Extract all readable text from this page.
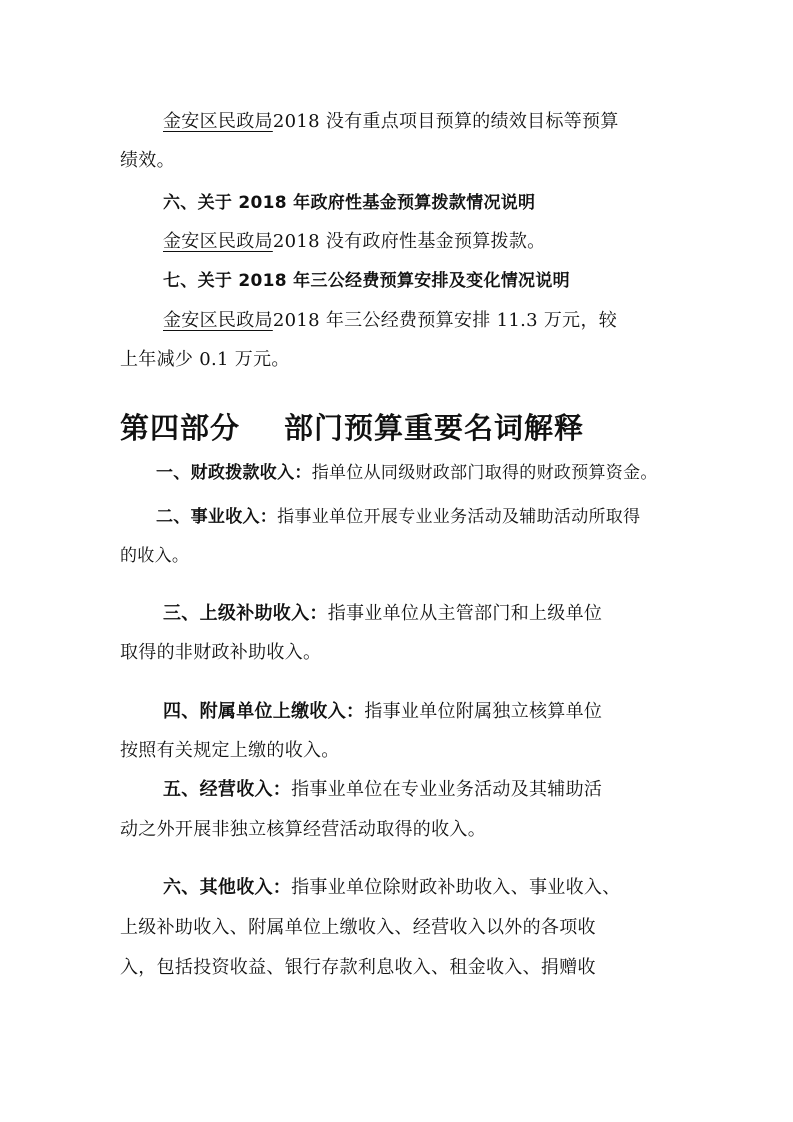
金安区民政局2018 没有重点项目预算的绩效目标等预算
绩效。
六、关于 2018 年政府性基金预算拨款情况说明
金安区民政局2018 没有政府性基金预算拨款。
七、关于 2018 年三公经费预算安排及变化情况说明
金安区民政局2018 年三公经费预算安排 11.3 万元，较
上年减少 0.1 万元。
第四部分 部门预算重要名词解释
一、财政拨款收入：指单位从同级财政部门取得的财政预算资金。
二、事业收入：指事业单位开展专业业务活动及辅助活动所取得
的收入。
三、上级补助收入：指事业单位从主管部门和上级单位
取得的非财政补助收入。
四、附属单位上缴收入：指事业单位附属独立核算单位
按照有关规定上缴的收入。
五、经营收入：指事业单位在专业业务活动及其辅助活
动之外开展非独立核算经营活动取得的收入。
六、其他收入：指事业单位除财政补助收入、事业收入、
上级补助收入、附属单位上缴收入、经营收入以外的各项收
入，包括投资收益、银行存款利息收入、租金收入、捐赠收
